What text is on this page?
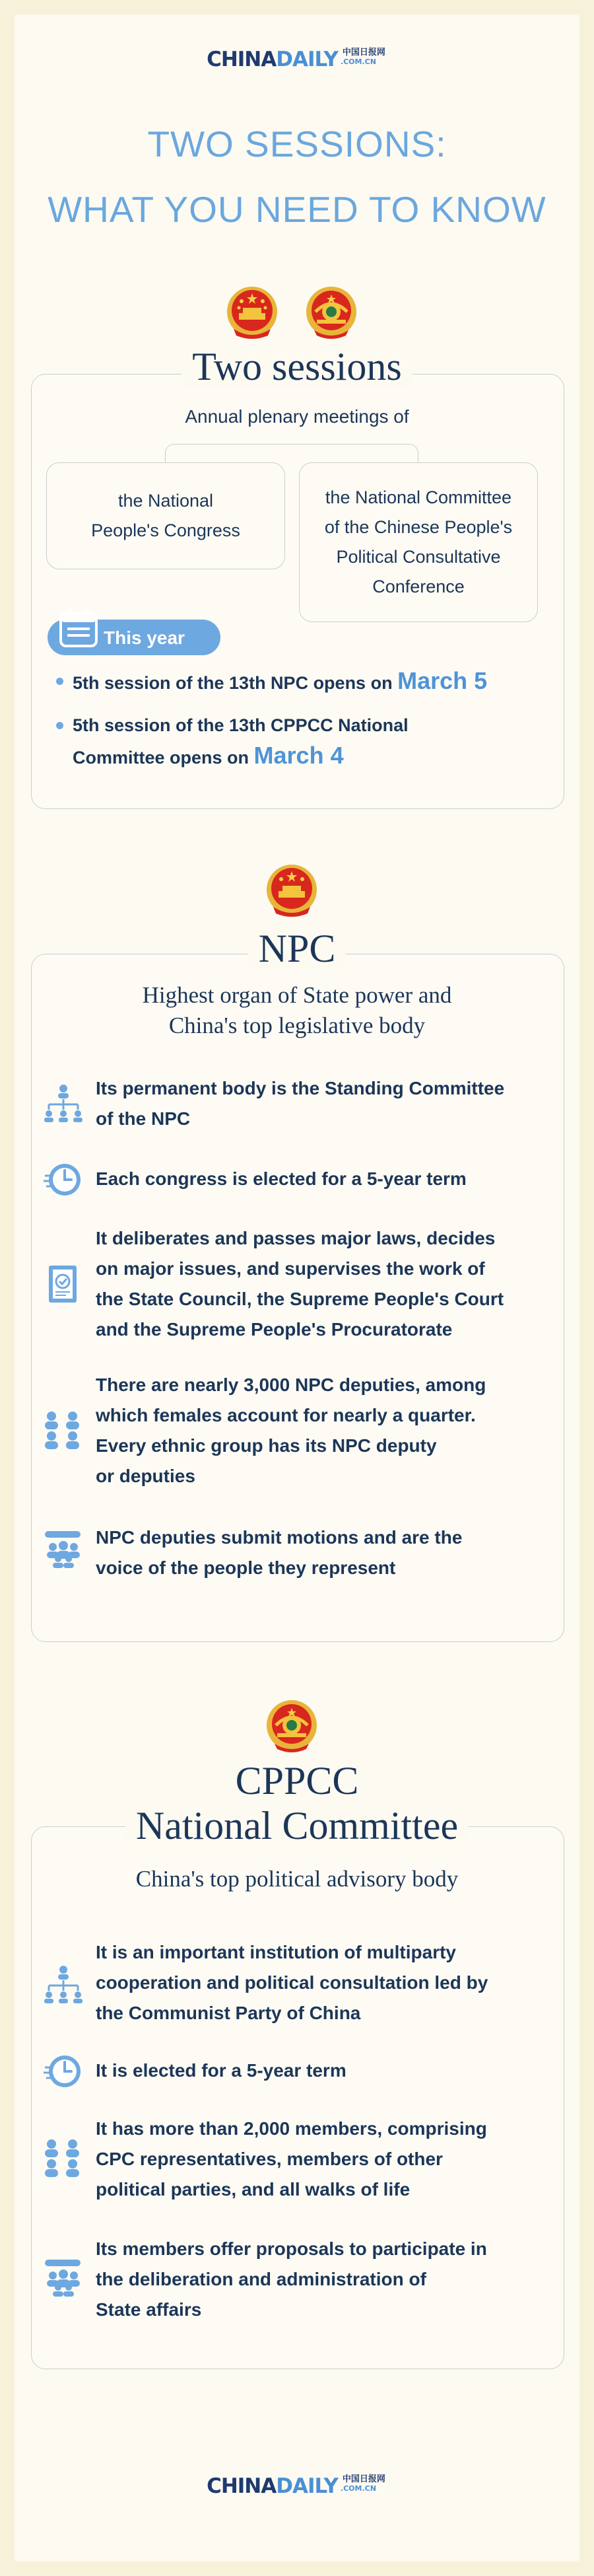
CHINADAILY $^{中国日报网}$
$^{.COM.CN}$
TWO SESSIONS:
WHAT YOU NEED TO KNOW
Two sessions
Annual plenary meetings of
the National
People's Congress
the National Committee
of the Chinese People's
Political Consultative
Conference
This year
5th session of the 13th NPC opens on March 5
5th session of the 13th CPPCC National
Committee opens on March 4
NPC
Highest organ of State power and
China's top legislative body
Its permanent body is the Standing Committee
of the NPC
Each congress is elected for a 5-year term
It deliberates and passes major laws, decides
on major issues, and supervises the work of
the State Council, the Supreme People's Court
and the Supreme People's Procuratorate
There are nearly 3,000 NPC deputies, among
which females account for nearly a quarter.
Every ethnic group has its NPC deputy
or deputies
NPC deputies submit motions and are the
voice of the people they represent
CPPCC
National Committee
China's top political advisory body
It is an important institution of multiparty
cooperation and political consultation led by
the Communist Party of China
It is elected for a 5-year term
It has more than 2,000 members, comprising
CPC representatives, members of other
political parties, and all walks of life
Its members offer proposals to participate in
the deliberation and administration of
State affairs
CHINADAILY $^{中国日报网}$
$^{.COM.CN}$
